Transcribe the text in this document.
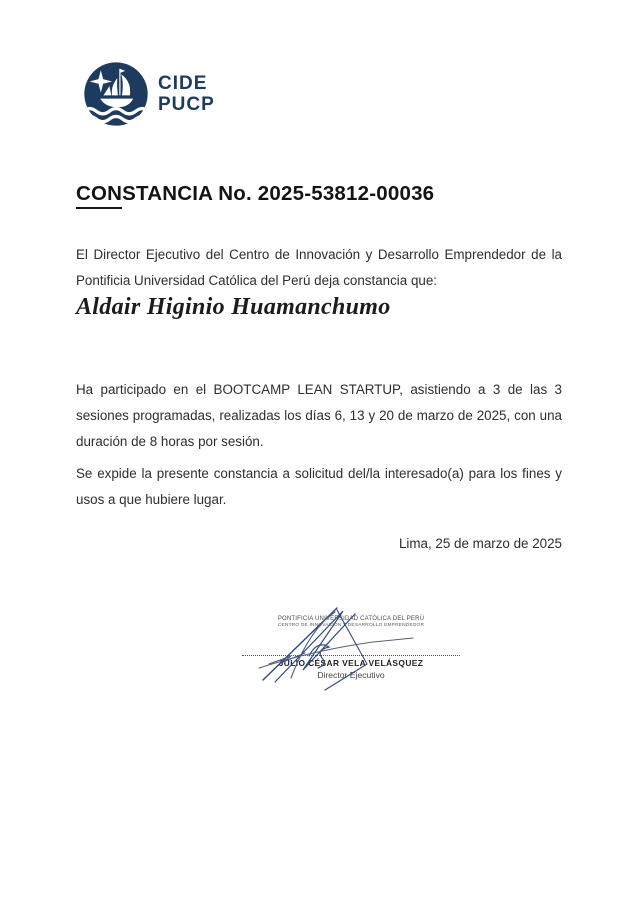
CIDE
PUCP
CONSTANCIA No. 2025-53812-00036

El Director Ejecutivo del Centro de Innovación y Desarrollo Emprendedor de la Pontificia Universidad Católica del Perú deja constancia que:

Aldair Higinio Huamanchumo

Ha participado en el BOOTCAMP LEAN STARTUP, asistiendo a 3 de las 3 sesiones programadas, realizadas los días 6, 13 y 20 de marzo de 2025, con una duración de 8 horas por sesión.

Se expide la presente constancia a solicitud del/la interesado(a) para los fines y usos a que hubiere lugar.

Lima, 25 de marzo de 2025
PONTIFICIA UNIVERSIDAD CATÓLICA DEL PERÚ
CENTRO DE INNOVACIÓN Y DESARROLLO EMPRENDEDOR
JULIO CÉSAR VELA VELÁSQUEZ
Director Ejecutivo
